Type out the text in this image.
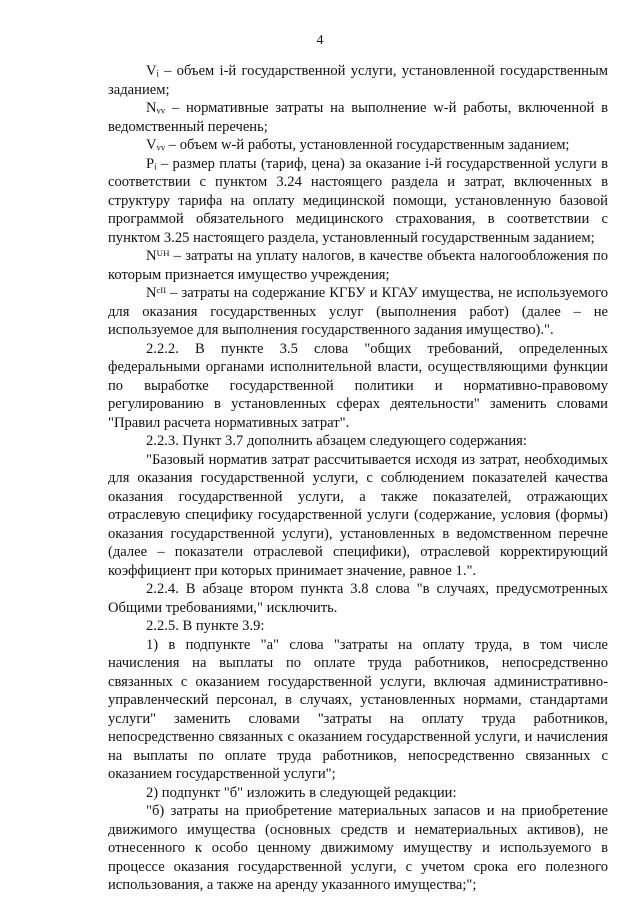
4

Vᵢ – объем i-й государственной услуги, установленной государственным заданием;

Nᵥᵥ – нормативные затраты на выполнение w-й работы, включенной в ведомственный перечень;

Vᵥᵥ – объем w-й работы, установленной государственным заданием;

Pᵢ – размер платы (тариф, цена) за оказание i-й государственной услуги в соответствии с пунктом 3.24 настоящего раздела и затрат, включенных в структуру тарифа на оплату медицинской помощи, установленную базовой программой обязательного медицинского страхования, в соответствии с пунктом 3.25 настоящего раздела, установленный государственным заданием;

Nᵁᴴ – затраты на уплату налогов, в качестве объекта налогообложения по которым признается имущество учреждения;

Nᶜᴵᴵ – затраты на содержание КГБУ и КГАУ имущества, не используемого для оказания государственных услуг (выполнения работ) (далее – не используемое для выполнения государственного задания имущество).".

2.2.2. В пункте 3.5 слова "общих требований, определенных федеральными органами исполнительной власти, осуществляющими функции по выработке государственной политики и нормативно-правовому регулированию в установленных сферах деятельности" заменить словами "Правил расчета нормативных затрат".

2.2.3. Пункт 3.7 дополнить абзацем следующего содержания:

"Базовый норматив затрат рассчитывается исходя из затрат, необходимых для оказания государственной услуги, с соблюдением показателей качества оказания государственной услуги, а также показателей, отражающих отраслевую специфику государственной услуги (содержание, условия (формы) оказания государственной услуги), установленных в ведомственном перечне (далее – показатели отраслевой специфики), отраслевой корректирующий коэффициент при которых принимает значение, равное 1.".

2.2.4. В абзаце втором пункта 3.8 слова "в случаях, предусмотренных Общими требованиями," исключить.

2.2.5. В пункте 3.9:

1) в подпункте "а" слова "затраты на оплату труда, в том числе начисления на выплаты по оплате труда работников, непосредственно связанных с оказанием государственной услуги, включая административно-управленческий персонал, в случаях, установленных нормами, стандартами услуги" заменить словами "затраты на оплату труда работников, непосредственно связанных с оказанием государственной услуги, и начисления на выплаты по оплате труда работников, непосредственно связанных с оказанием государственной услуги";

2) подпункт "б" изложить в следующей редакции:

"б) затраты на приобретение материальных запасов и на приобретение движимого имущества (основных средств и нематериальных активов), не отнесенного к особо ценному движимому имуществу и используемого в процессе оказания государственной услуги, с учетом срока его полезного использования, а также на аренду указанного имущества;";
